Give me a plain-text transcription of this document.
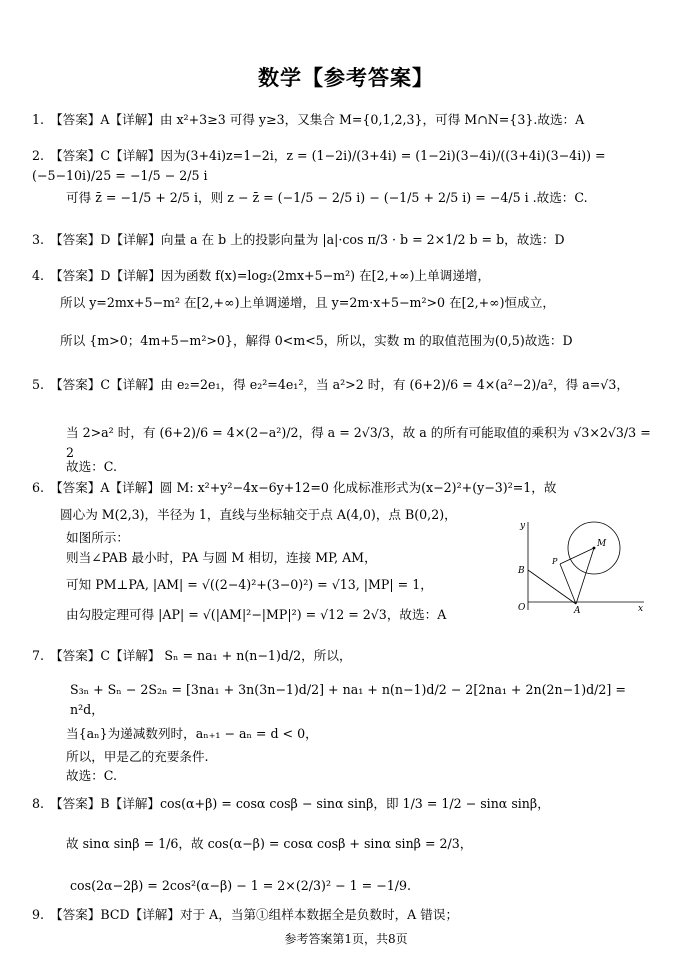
数学【参考答案】
1. 【答案】A【详解】由 x²+3≥3 可得 y≥3，又集合 M={0,1,2,3}，可得 M∩N={3}.故选：A
2. 【答案】C【详解】因为(3+4i)z=1−2i，z = (1−2i)/(3+4i) = (1−2i)(3−4i)/((3+4i)(3−4i)) = (−5−10i)/25 = −1/5 − 2/5 i
可得 z̄ = −1/5 + 2/5 i，则 z − z̄ = (−1/5 − 2/5 i) − (−1/5 + 2/5 i) = −4/5 i .故选：C.
3. 【答案】D【详解】向量 a 在 b 上的投影向量为 |a|·cos π/3 · b = 2×1/2 b = b，故选：D
4. 【答案】D【详解】因为函数 f(x)=log₂(2mx+5−m²) 在[2,+∞)上单调递增，
所以 y=2mx+5−m² 在[2,+∞)上单调递增，且 y=2m·x+5−m²>0 在[2,+∞)恒成立，
所以 {m>0；4m+5−m²>0}，解得 0<m<5，所以，实数 m 的取值范围为(0,5)故选：D
5. 【答案】C【详解】由 e₂=2e₁，得 e₂²=4e₁²，当 a²>2 时，有 (6+2)/6 = 4×(a²−2)/a²，得 a=√3，
当 2>a² 时，有 (6+2)/6 = 4×(2−a²)/2，得 a = 2√3/3，故 a 的所有可能取值的乘积为 √3×2√3/3 = 2
故选：C.
6. 【答案】A【详解】圆 M: x²+y²−4x−6y+12=0 化成标准形式为(x−2)²+(y−3)²=1，故
圆心为 M(2,3)，半径为 1，直线与坐标轴交于点 A(4,0)，点 B(0,2)，
如图所示：
则当∠PAB 最小时，PA 与圆 M 相切，连接 MP, AM，
可知 PM⊥PA, |AM| = √((2−4)²+(3−0)²) = √13, |MP| = 1，
由勾股定理可得 |AP| = √(|AM|²−|MP|²) = √12 = 2√3，故选：A
y
M
P
B
O	A	x
7. 【答案】C【详解】 Sₙ = na₁ + n(n−1)d/2，所以，
S₃ₙ + Sₙ − 2S₂ₙ = [3na₁ + 3n(3n−1)d/2] + na₁ + n(n−1)d/2 − 2[2na₁ + 2n(2n−1)d/2] = n²d，
当{aₙ}为递减数列时，aₙ₊₁ − aₙ = d < 0，
所以，甲是乙的充要条件.
故选：C.
8. 【答案】B【详解】cos(α+β) = cosα cosβ − sinα sinβ，即 1/3 = 1/2 − sinα sinβ，
故 sinα sinβ = 1/6，故 cos(α−β) = cosα cosβ + sinα sinβ = 2/3，
cos(2α−2β) = 2cos²(α−β) − 1 = 2×(2/3)² − 1 = −1/9.
9. 【答案】BCD【详解】对于 A，当第①组样本数据全是负数时，A 错误；
参考答案第1页，共8页
